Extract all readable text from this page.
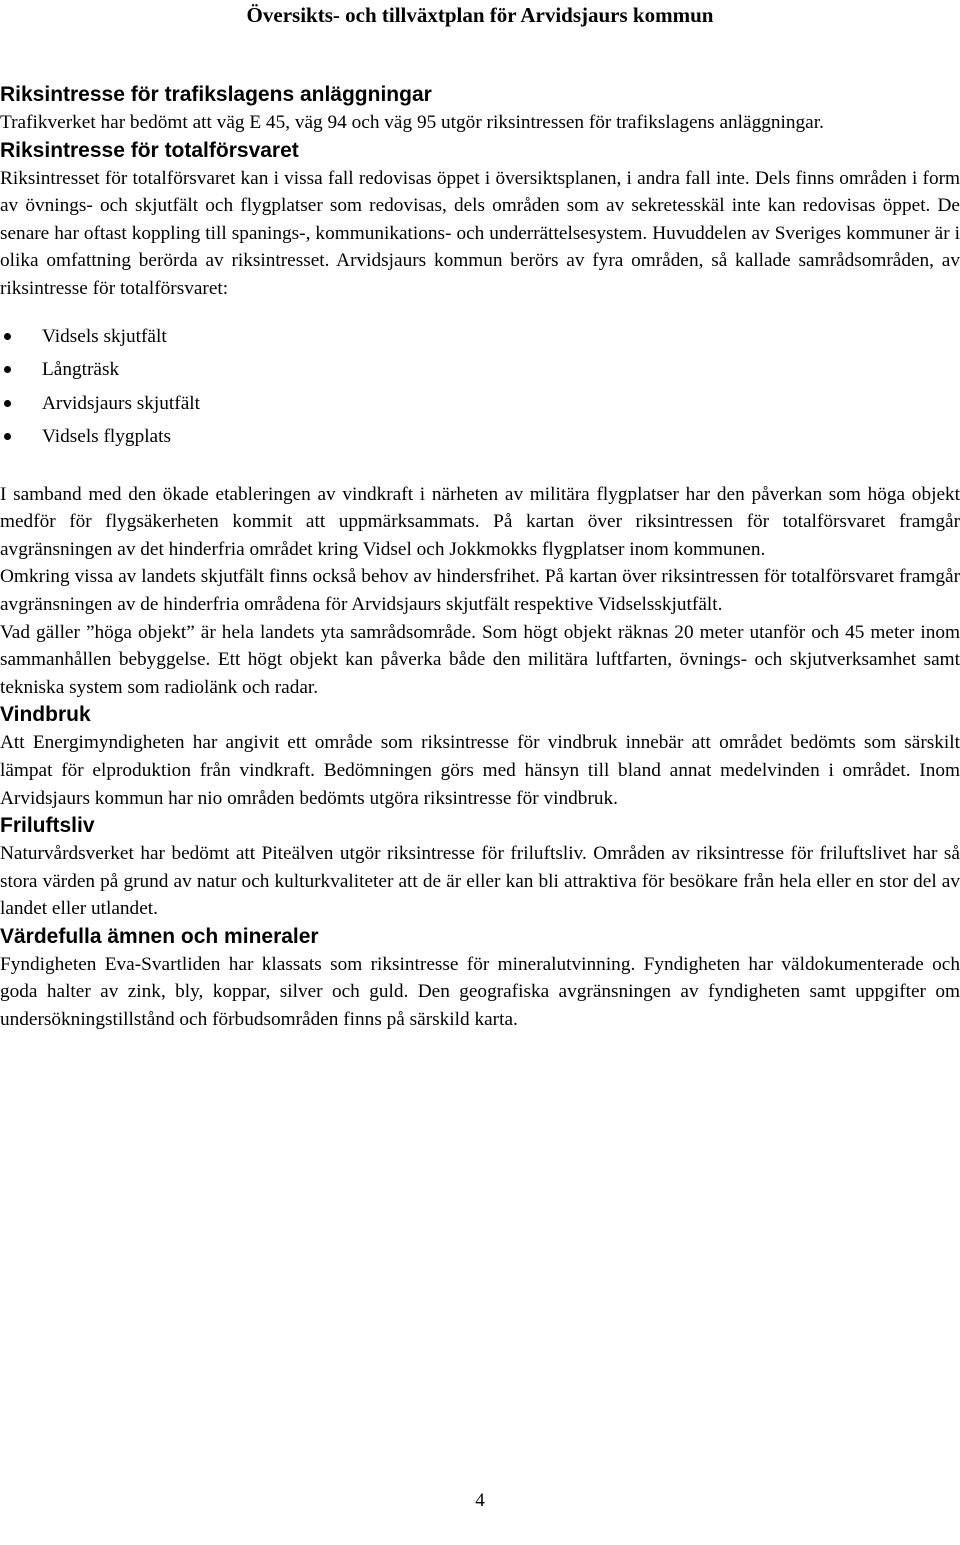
Översikts- och tillväxtplan för Arvidsjaurs kommun
Riksintresse för trafikslagens anläggningar

Trafikverket har bedömt att väg E 45, väg 94 och väg 95 utgör riksintressen för trafikslagens anläggningar.

Riksintresse för totalförsvaret

Riksintresset för totalförsvaret kan i vissa fall redovisas öppet i översiktsplanen, i andra fall inte. Dels finns områden i form av övnings- och skjutfält och flygplatser som redovisas, dels områden som av sekretesskäl inte kan redovisas öppet. De senare har oftast koppling till spanings-, kommunikations- och underrättelsesystem. Huvuddelen av Sveriges kommuner är i olika omfattning berörda av riksintresset. Arvidsjaurs kommun berörs av fyra områden, så kallade samrådsområden, av riksintresse för totalförsvaret:

Vidsels skjutfält
Långträsk
Arvidsjaurs skjutfält
Vidsels flygplats

I samband med den ökade etableringen av vindkraft i närheten av militära flygplatser har den påverkan som höga objekt medför för flygsäkerheten kommit att uppmärksammats. På kartan över riksintressen för totalförsvaret framgår avgränsningen av det hinderfria området kring Vidsel och Jokkmokks flygplatser inom kommunen.

Omkring vissa av landets skjutfält finns också behov av hindersfrihet. På kartan över riksintressen för totalförsvaret framgår avgränsningen av de hinderfria områdena för Arvidsjaurs skjutfält respektive Vidselsskjutfält.

Vad gäller ”höga objekt” är hela landets yta samrådsområde. Som högt objekt räknas 20 meter utanför och 45 meter inom sammanhållen bebyggelse. Ett högt objekt kan påverka både den militära luftfarten, övnings- och skjutverksamhet samt tekniska system som radiolänk och radar.

Vindbruk

Att Energimyndigheten har angivit ett område som riksintresse för vindbruk innebär att området bedömts som särskilt lämpat för elproduktion från vindkraft. Bedömningen görs med hänsyn till bland annat medelvinden i området. Inom Arvidsjaurs kommun har nio områden bedömts utgöra riksintresse för vindbruk.

Friluftsliv

Naturvårdsverket har bedömt att Piteälven utgör riksintresse för friluftsliv. Områden av riksintresse för friluftslivet har så stora värden på grund av natur och kulturkvaliteter att de är eller kan bli attraktiva för besökare från hela eller en stor del av landet eller utlandet.

Värdefulla ämnen och mineraler

Fyndigheten Eva-Svartliden har klassats som riksintresse för mineralutvinning. Fyndigheten har väldokumenterade och goda halter av zink, bly, koppar, silver och guld. Den geografiska avgränsningen av fyndigheten samt uppgifter om undersökningstillstånd och förbudsområden finns på särskild karta.

4
